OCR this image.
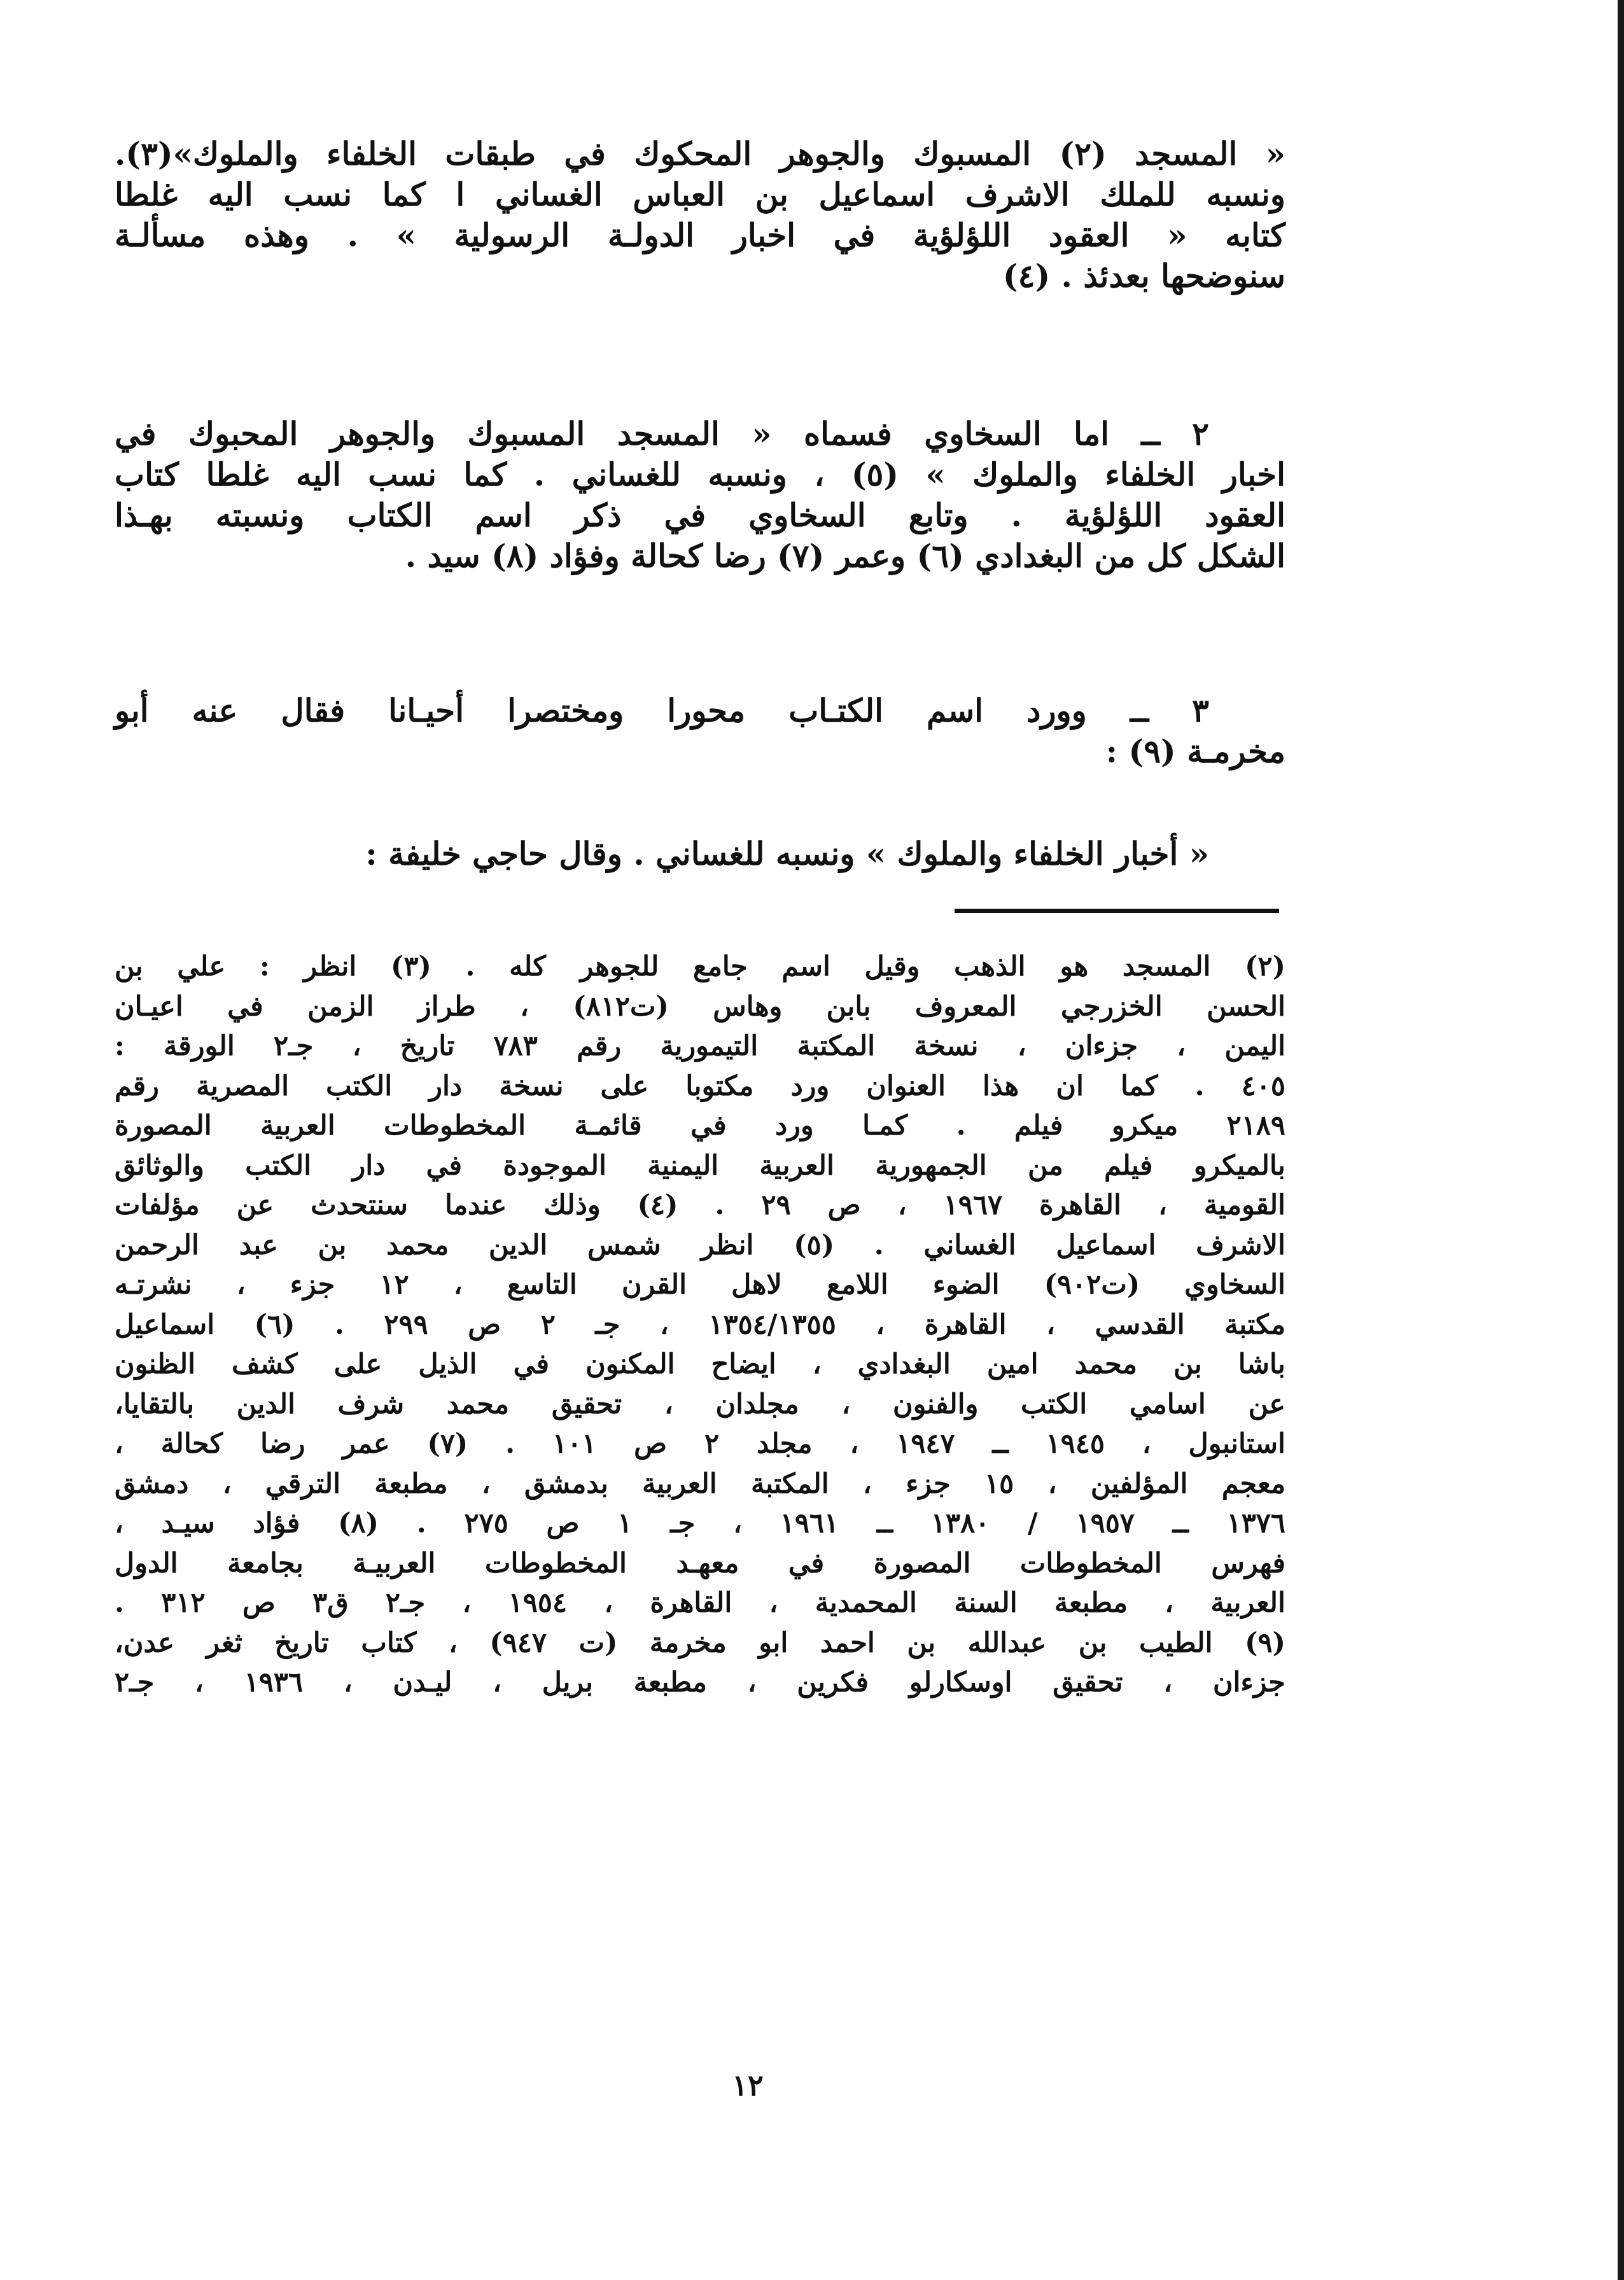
« المسجد (٢) المسبوك والجوهر المحكوك في طبقات الخلفاء والملوك»(٣).
ونسبه للملك الاشرف اسماعيل بن العباس الغساني ا كما نسب اليه غلطا
كتابه « العقود اللؤلؤية في اخبار الدولـة الرسولية » . وهذه مسألـة
سنوضحها بعدئذ . (٤)
٢ ــ اما السخاوي فسماه « المسجد المسبوك والجوهر المحبوك في
اخبار الخلفاء والملوك » (٥) ، ونسبه للغساني . كما نسب اليه غلطا كتاب
العقود اللؤلؤية . وتابع السخاوي في ذكر اسم الكتاب ونسبته بهـذا
الشكل كل من البغدادي (٦) وعمر (٧) رضا كحالة وفؤاد (٨) سيد .
٣ ــ وورد اسم الكتـاب محورا ومختصرا أحيـانا فقال عنه أبو
مخرمـة (٩) :
« أخبار الخلفاء والملوك » ونسبه للغساني . وقال حاجي خليفة :
(٢) المسجد هو الذهب وقيل اسم جامع للجوهر كله . (٣) انظر : علي بن
الحسن الخزرجي المعروف بابن وهاس (ت٨١٢) ، طراز الزمن في اعيـان
اليمن ، جزءان ، نسخة المكتبة التيمورية رقم ٧٨٣ تاريخ ، جـ٢ الورقة :
٤٠٥ . كما ان هذا العنوان ورد مكتوبا على نسخة دار الكتب المصرية رقم
٢١٨٩ ميكرو فيلم . كمـا ورد في قائمـة المخطوطات العربية المصورة
بالميكرو فيلم من الجمهورية العربية اليمنية الموجودة في دار الكتب والوثائق
القومية ، القاهرة ١٩٦٧ ، ص ٢٩ . (٤) وذلك عندما سنتحدث عن مؤلفات
الاشرف اسماعيل الغساني . (٥) انظر شمس الدين محمد بن عبد الرحمن
السخاوي (ت٩٠٢) الضوء اللامع لاهل القرن التاسع ، ١٢ جزء ، نشرتـه
مكتبة القدسي ، القاهرة ، ١٣٥٤/١٣٥٥ ، جـ ٢ ص ٢٩٩ . (٦) اسماعيل
باشا بن محمد امين البغدادي ، ايضاح المكنون في الذيل على كشف الظنون
عن اسامي الكتب والفنون ، مجلدان ، تحقيق محمد شرف الدين بالتقايا،
استانبول ، ١٩٤٥ ــ ١٩٤٧ ، مجلد ٢ ص ١٠١ . (٧) عمر رضا كحالة ،
معجم المؤلفين ، ١٥ جزء ، المكتبة العربية بدمشق ، مطبعة الترقي ، دمشق
١٣٧٦ ــ ١٩٥٧ / ١٣٨٠ ــ ١٩٦١ ، جـ ١ ص ٢٧٥ . (٨) فؤاد سيـد ،
فهرس المخطوطات المصورة في معهـد المخطوطات العربيـة بجامعة الدول
العربية ، مطبعة السنة المحمدية ، القاهرة ، ١٩٥٤ ، جـ٢ ق٣ ص ٣١٢ .
(٩) الطيب بن عبدالله بن احمد ابو مخرمة (ت ٩٤٧) ، كتاب تاريخ ثغر عدن،
جزءان ، تحقيق اوسكارلو فكرين ، مطبعة بريل ، ليـدن ، ١٩٣٦ ، جـ٢
١٢
